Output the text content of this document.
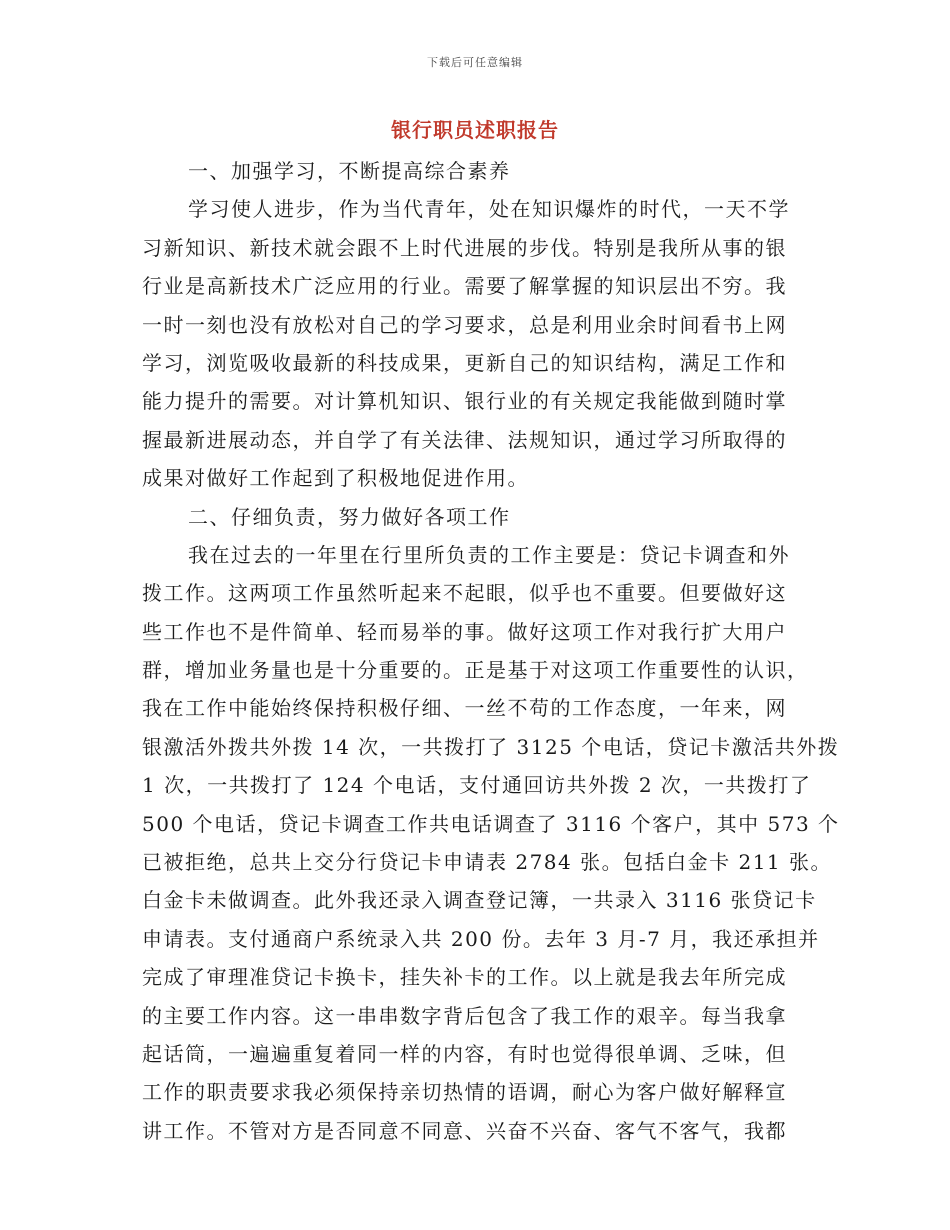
下载后可任意编辑
银行职员述职报告
一、加强学习，不断提高综合素养
学习使人进步，作为当代青年，处在知识爆炸的时代，一天不学
习新知识、新技术就会跟不上时代进展的步伐。特别是我所从事的银
行业是高新技术广泛应用的行业。需要了解掌握的知识层出不穷。我
一时一刻也没有放松对自己的学习要求，总是利用业余时间看书上网
学习，浏览吸收最新的科技成果，更新自己的知识结构，满足工作和
能力提升的需要。对计算机知识、银行业的有关规定我能做到随时掌
握最新进展动态，并自学了有关法律、法规知识，通过学习所取得的
成果对做好工作起到了积极地促进作用。
二、仔细负责，努力做好各项工作
我在过去的一年里在行里所负责的工作主要是：贷记卡调查和外
拨工作。这两项工作虽然听起来不起眼，似乎也不重要。但要做好这
些工作也不是件简单、轻而易举的事。做好这项工作对我行扩大用户
群，增加业务量也是十分重要的。正是基于对这项工作重要性的认识，
我在工作中能始终保持积极仔细、一丝不苟的工作态度，一年来，网
银激活外拨共外拨 14 次，一共拨打了 3125 个电话，贷记卡激活共外拨
1 次，一共拨打了 124 个电话，支付通回访共外拨 2 次，一共拨打了
500 个电话，贷记卡调查工作共电话调查了 3116 个客户，其中 573 个
已被拒绝，总共上交分行贷记卡申请表 2784 张。包括白金卡 211 张。
白金卡未做调查。此外我还录入调查登记簿，一共录入 3116 张贷记卡
申请表。支付通商户系统录入共 200 份。去年 3 月-7 月，我还承担并
完成了审理准贷记卡换卡，挂失补卡的工作。以上就是我去年所完成
的主要工作内容。这一串串数字背后包含了我工作的艰辛。每当我拿
起话筒，一遍遍重复着同一样的内容，有时也觉得很单调、乏味，但
工作的职责要求我必须保持亲切热情的语调，耐心为客户做好解释宣
讲工作。不管对方是否同意不同意、兴奋不兴奋、客气不客气，我都
